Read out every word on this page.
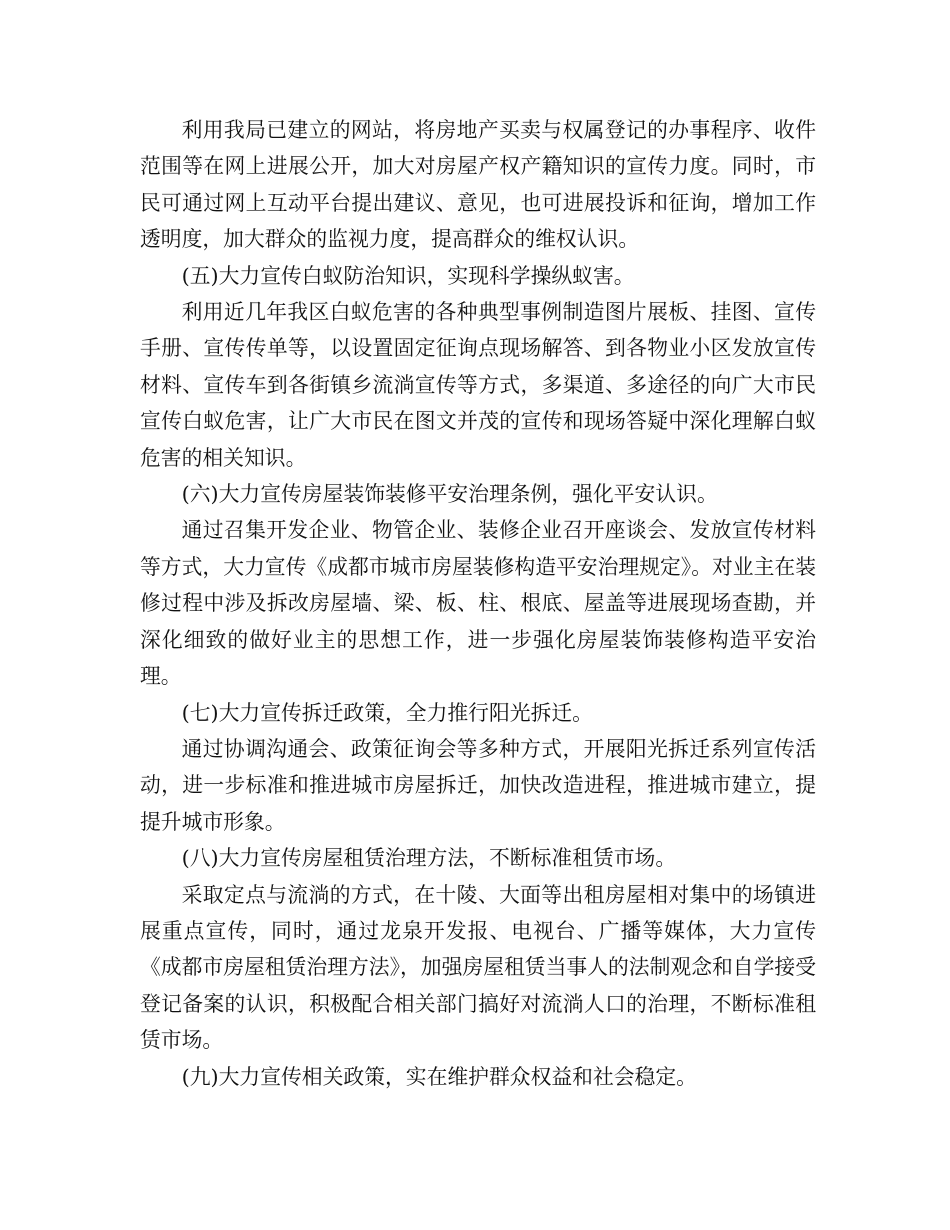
利用我局已建立的网站，将房地产买卖与权属登记的办事程序、收件范围等在网上进展公开，加大对房屋产权产籍知识的宣传力度。同时，市民可通过网上互动平台提出建议、意见，也可进展投诉和征询，增加工作透明度，加大群众的监视力度，提高群众的维权认识。

(五)大力宣传白蚁防治知识，实现科学操纵蚁害。

利用近几年我区白蚁危害的各种典型事例制造图片展板、挂图、宣传手册、宣传传单等，以设置固定征询点现场解答、到各物业小区发放宣传材料、宣传车到各街镇乡流淌宣传等方式，多渠道、多途径的向广大市民宣传白蚁危害，让广大市民在图文并茂的宣传和现场答疑中深化理解白蚁危害的相关知识。

(六)大力宣传房屋装饰装修平安治理条例，强化平安认识。

通过召集开发企业、物管企业、装修企业召开座谈会、发放宣传材料等方式，大力宣传《成都市城市房屋装修构造平安治理规定》。对业主在装修过程中涉及拆改房屋墙、梁、板、柱、根底、屋盖等进展现场查勘，并深化细致的做好业主的思想工作，进一步强化房屋装饰装修构造平安治理。

(七)大力宣传拆迁政策，全力推行阳光拆迁。

通过协调沟通会、政策征询会等多种方式，开展阳光拆迁系列宣传活动，进一步标准和推进城市房屋拆迁，加快改造进程，推进城市建立，提提升城市形象。

(八)大力宣传房屋租赁治理方法，不断标准租赁市场。

采取定点与流淌的方式，在十陵、大面等出租房屋相对集中的场镇进展重点宣传，同时，通过龙泉开发报、电视台、广播等媒体，大力宣传《成都市房屋租赁治理方法》，加强房屋租赁当事人的法制观念和自学接受登记备案的认识，积极配合相关部门搞好对流淌人口的治理，不断标准租赁市场。

(九)大力宣传相关政策，实在维护群众权益和社会稳定。
